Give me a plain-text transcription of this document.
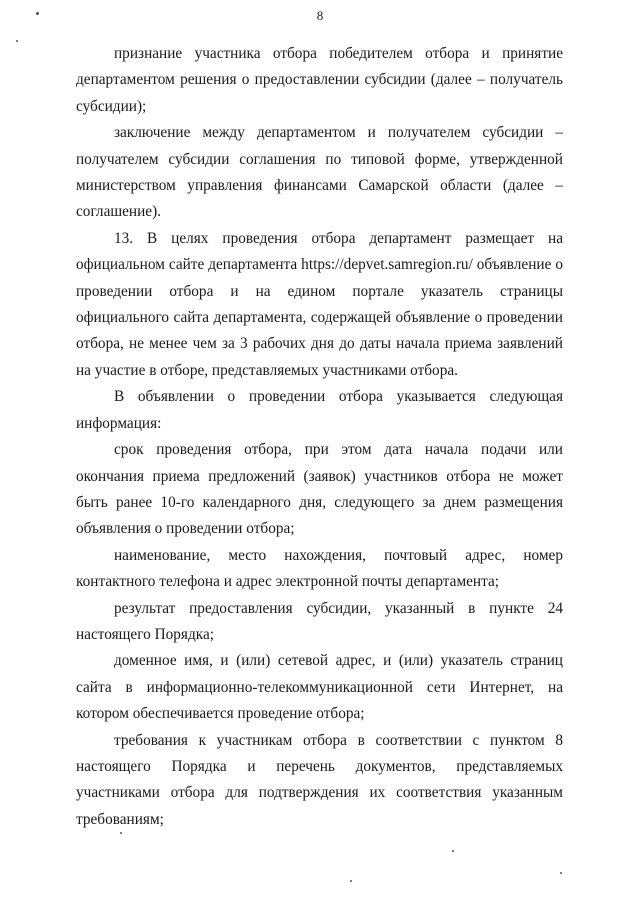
8

признание участника отбора победителем отбора и принятие департаментом решения о предоставлении субсидии (далее – получатель субсидии);

заключение между департаментом и получателем субсидии – получателем субсидии соглашения по типовой форме, утвержденной министерством управления финансами Самарской области (далее – соглашение).

13. В целях проведения отбора департамент размещает на официальном сайте департамента https://depvet.samregion.ru/ объявление о проведении отбора и на едином портале указатель страницы официального сайта департамента, содержащей объявление о проведении отбора, не менее чем за 3 рабочих дня до даты начала приема заявлений на участие в отборе, представляемых участниками отбора.

В объявлении о проведении отбора указывается следующая информация:

срок проведения отбора, при этом дата начала подачи или окончания приема предложений (заявок) участников отбора не может быть ранее 10-го календарного дня, следующего за днем размещения объявления о проведении отбора;

наименование, место нахождения, почтовый адрес, номер контактного телефона и адрес электронной почты департамента;

результат предоставления субсидии, указанный в пункте 24 настоящего Порядка;

доменное имя, и (или) сетевой адрес, и (или) указатель страниц сайта в информационно-телекоммуникационной сети Интернет, на котором обеспечивается проведение отбора;

требования к участникам отбора в соответствии с пунктом 8 настоящего Порядка и перечень документов, представляемых участниками отбора для подтверждения их соответствия указанным требованиям;
